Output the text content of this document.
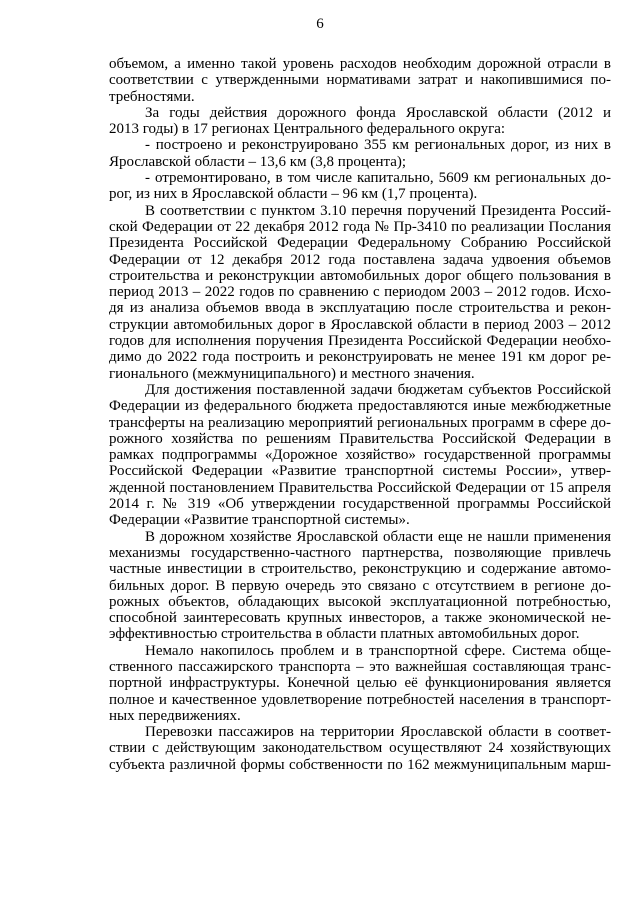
6
объемом, а именно такой уровень расходов необходим дорожной отрасли в
соответствии с утвержденными нормативами затрат и накопившимися по-
требностями.
За годы действия дорожного фонда Ярославской области (2012 и
2013 годы) в 17 регионах Центрального федерального округа:
- построено и реконструировано 355 км региональных дорог, из них в
Ярославской области – 13,6 км (3,8 процента);
- отремонтировано, в том числе капитально, 5609 км региональных до-
рог, из них в Ярославской области – 96 км (1,7 процента).
В соответствии с пунктом 3.10 перечня поручений Президента Россий-
ской Федерации от 22 декабря 2012 года № Пр-3410 по реализации Послания
Президента Российской Федерации Федеральному Собранию Российской
Федерации от 12 декабря 2012 года поставлена задача удвоения объемов
строительства и реконструкции автомобильных дорог общего пользования в
период 2013 – 2022 годов по сравнению с периодом 2003 – 2012 годов. Исхо-
дя из анализа объемов ввода в эксплуатацию после строительства и рекон-
струкции автомобильных дорог в Ярославской области в период 2003 – 2012
годов для исполнения поручения Президента Российской Федерации необхо-
димо до 2022 года построить и реконструировать не менее 191 км дорог ре-
гионального (межмуниципального) и местного значения.
Для достижения поставленной задачи бюджетам субъектов Российской
Федерации из федерального бюджета предоставляются иные межбюджетные
трансферты на реализацию мероприятий региональных программ в сфере до-
рожного хозяйства по решениям Правительства Российской Федерации в
рамках подпрограммы «Дорожное хозяйство» государственной программы
Российской Федерации «Развитие транспортной системы России», утвер-
жденной постановлением Правительства Российской Федерации от 15 апреля
2014 г. № 319 «Об утверждении государственной программы Российской
Федерации «Развитие транспортной системы».
В дорожном хозяйстве Ярославской области еще не нашли применения
механизмы государственно-частного партнерства, позволяющие привлечь
частные инвестиции в строительство, реконструкцию и содержание автомо-
бильных дорог. В первую очередь это связано с отсутствием в регионе до-
рожных объектов, обладающих высокой эксплуатационной потребностью,
способной заинтересовать крупных инвесторов, а также экономической не-
эффективностью строительства в области платных автомобильных дорог.
Немало накопилось проблем и в транспортной сфере. Система обще-
ственного пассажирского транспорта – это важнейшая составляющая транс-
портной инфраструктуры. Конечной целью её функционирования является
полное и качественное удовлетворение потребностей населения в транспорт-
ных передвижениях.
Перевозки пассажиров на территории Ярославской области в соответ-
ствии с действующим законодательством осуществляют 24 хозяйствующих
субъекта различной формы собственности по 162 межмуниципальным марш-
